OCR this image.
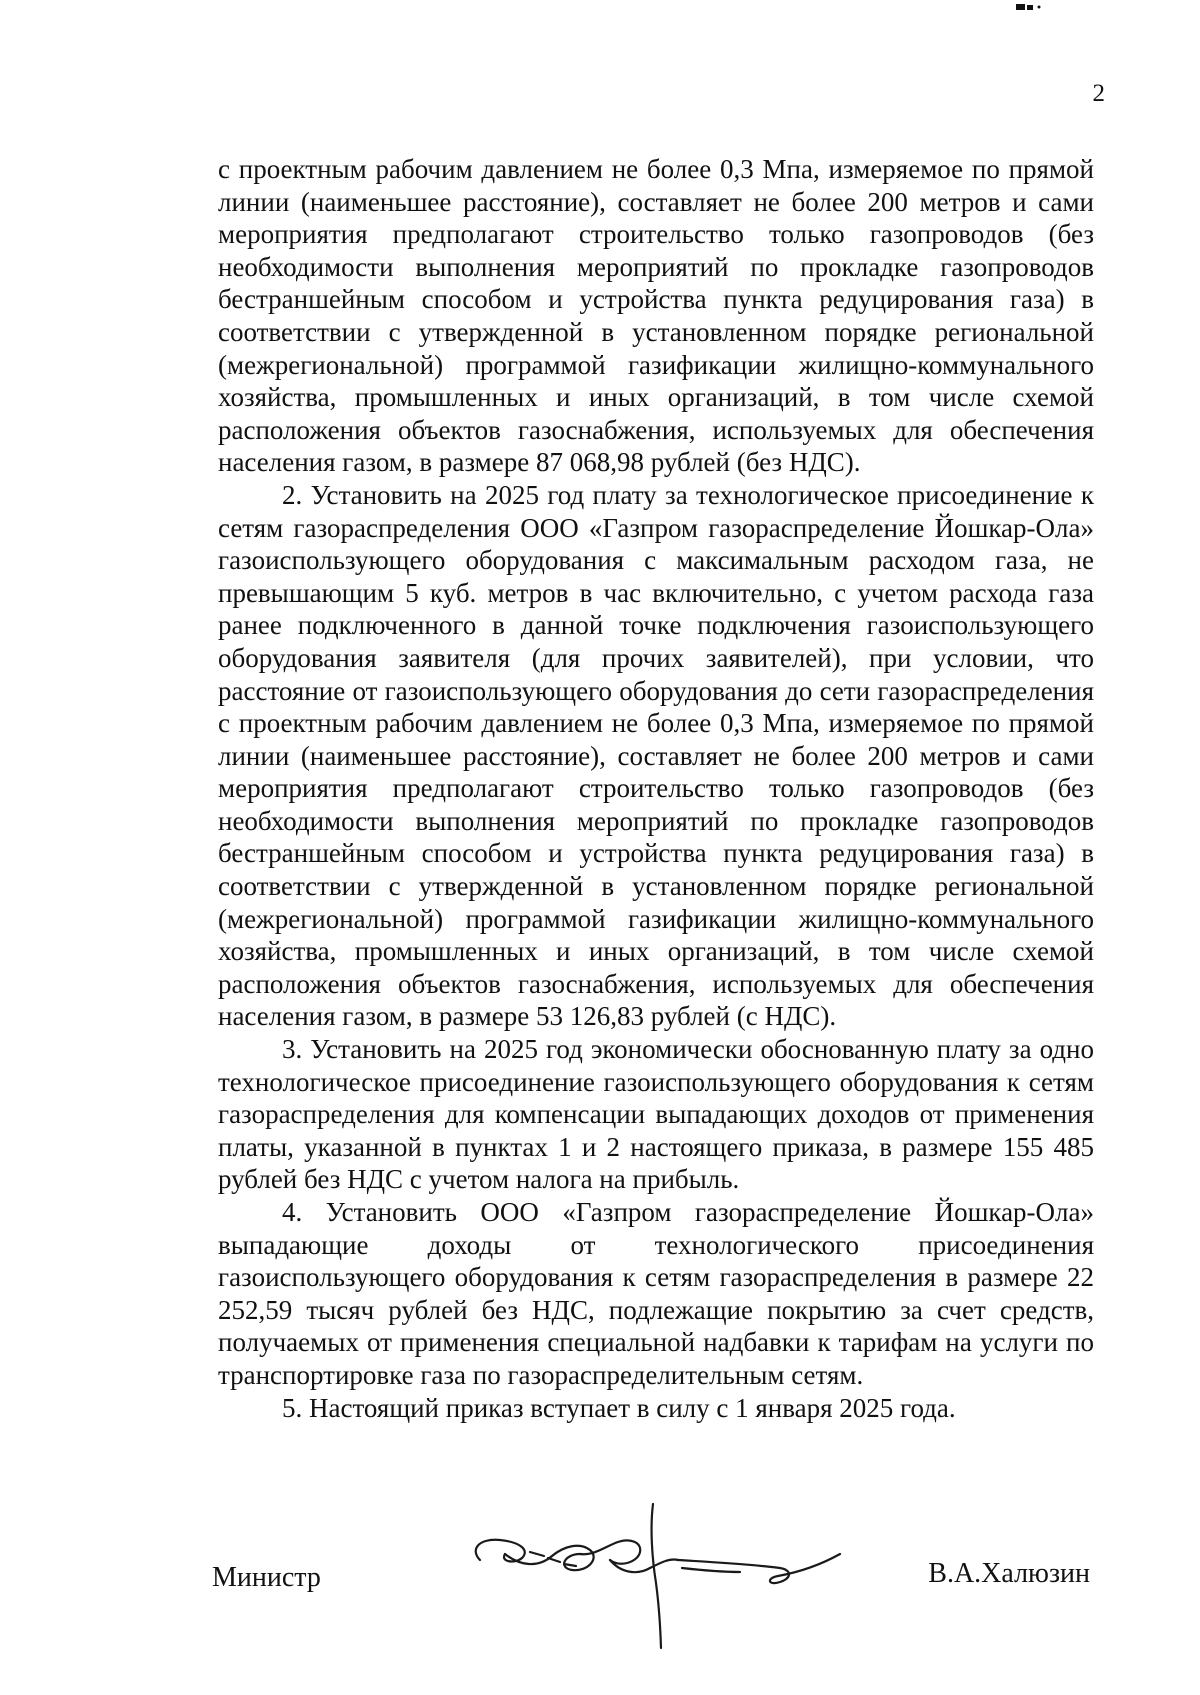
2

с проектным рабочим давлением не более 0,3 Мпа, измеряемое по прямой линии (наименьшее расстояние), составляет не более 200 метров и сами мероприятия предполагают строительство только газопроводов (без необходимости выполнения мероприятий по прокладке газопроводов бестраншейным способом и устройства пункта редуцирования газа) в соответствии с утвержденной в установленном порядке региональной (межрегиональной) программой газификации жилищно-коммунального хозяйства, промышленных и иных организаций, в том числе схемой расположения объектов газоснабжения, используемых для обеспечения населения газом, в размере 87 068,98 рублей (без НДС).

2. Установить на 2025 год плату за технологическое присоединение к сетям газораспределения ООО «Газпром газораспределение Йошкар-Ола» газоиспользующего оборудования с максимальным расходом газа, не превышающим 5 куб. метров в час включительно, с учетом расхода газа ранее подключенного в данной точке подключения газоиспользующего оборудования заявителя (для прочих заявителей), при условии, что расстояние от газоиспользующего оборудования до сети газораспределения с проектным рабочим давлением не более 0,3 Мпа, измеряемое по прямой линии (наименьшее расстояние), составляет не более 200 метров и сами мероприятия предполагают строительство только газопроводов (без необходимости выполнения мероприятий по прокладке газопроводов бестраншейным способом и устройства пункта редуцирования газа) в соответствии с утвержденной в установленном порядке региональной (межрегиональной) программой газификации жилищно-коммунального хозяйства, промышленных и иных организаций, в том числе схемой расположения объектов газоснабжения, используемых для обеспечения населения газом, в размере 53 126,83 рублей (с НДС).

3. Установить на 2025 год экономически обоснованную плату за одно технологическое присоединение газоиспользующего оборудования к сетям газораспределения для компенсации выпадающих доходов от применения платы, указанной в пунктах 1 и 2 настоящего приказа, в размере 155 485 рублей без НДС с учетом налога на прибыль.

4. Установить ООО «Газпром газораспределение Йошкар-Ола» выпадающие доходы от технологического присоединения газоиспользующего оборудования к сетям газораспределения в размере 22 252,59 тысяч рублей без НДС, подлежащие покрытию за счет средств, получаемых от применения специальной надбавки к тарифам на услуги по транспортировке газа по газораспределительным сетям.

5. Настоящий приказ вступает в силу с 1 января 2025 года.

Министр	В.А.Халюзин
